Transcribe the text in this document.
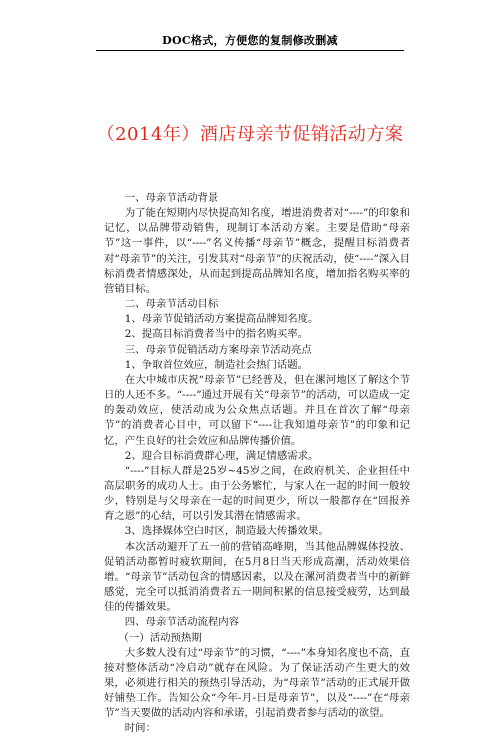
DOC格式，方便您的复制修改删减
（2014年）酒店母亲节促销活动方案

一、母亲节活动背景

为了能在短期内尽快提高知名度，增进消费者对“----”的印象和记忆，以品牌带动销售，现制订本活动方案。主要是借助“母亲节”这一事件，以“----”名义传播“母亲节”概念，提醒目标消费者对“母亲节”的关注，引发其对“母亲节”的庆祝活动，使“----”深入目标消费者情感深处，从而起到提高品牌知名度，增加指名购买率的营销目标。

二、母亲节活动目标

1、母亲节促销活动方案提高品牌知名度。

2、提高目标消费者当中的指名购买率。

三、母亲节促销活动方案母亲节活动亮点

1、争取首位效应，制造社会热门话题。

在大中城市庆祝“母亲节”已经普及，但在漯河地区了解这个节日的人还不多。“----”通过开展有关“母亲节”的活动，可以造成一定的轰动效应，使活动成为公众焦点话题。并且在首次了解“母亲节”的消费者心目中，可以留下“----让我知道母亲节”的印象和记忆，产生良好的社会效应和品牌传播价值。

2、迎合目标消费群心理，满足情感需求。

“----”目标人群是25岁~45岁之间，在政府机关、企业担任中高层职务的成功人士。由于公务繁忙，与家人在一起的时间一般较少，特别是与父母亲在一起的时间更少，所以一般都存在“回报养育之恩”的心结，可以引发其潜在情感需求。

3、选择媒体空白时区，制造最大传播效果。

本次活动避开了五一前的营销高峰期，当其他品牌媒体投放、促销活动都暂时疲软期间，在5月8日当天形成高潮，活动效果倍增。“母亲节”活动包含的情感因素，以及在漯河消费者当中的新鲜感觉，完全可以抵消消费者五一期间积累的信息接受疲劳，达到最佳的传播效果。

四、母亲节活动流程内容

（一）活动预热期

大多数人没有过“母亲节”的习惯，“----”本身知名度也不高，直接对整体活动“冷启动”就存在风险。为了保证活动产生更大的效果，必须进行相关的预热引导活动，为“母亲节”活动的正式展开做好铺垫工作。告知公众“今年-月-日是母亲节”，以及“----”在“母亲节”当天要做的活动内容和承诺，引起消费者参与活动的欲望。

时间：
